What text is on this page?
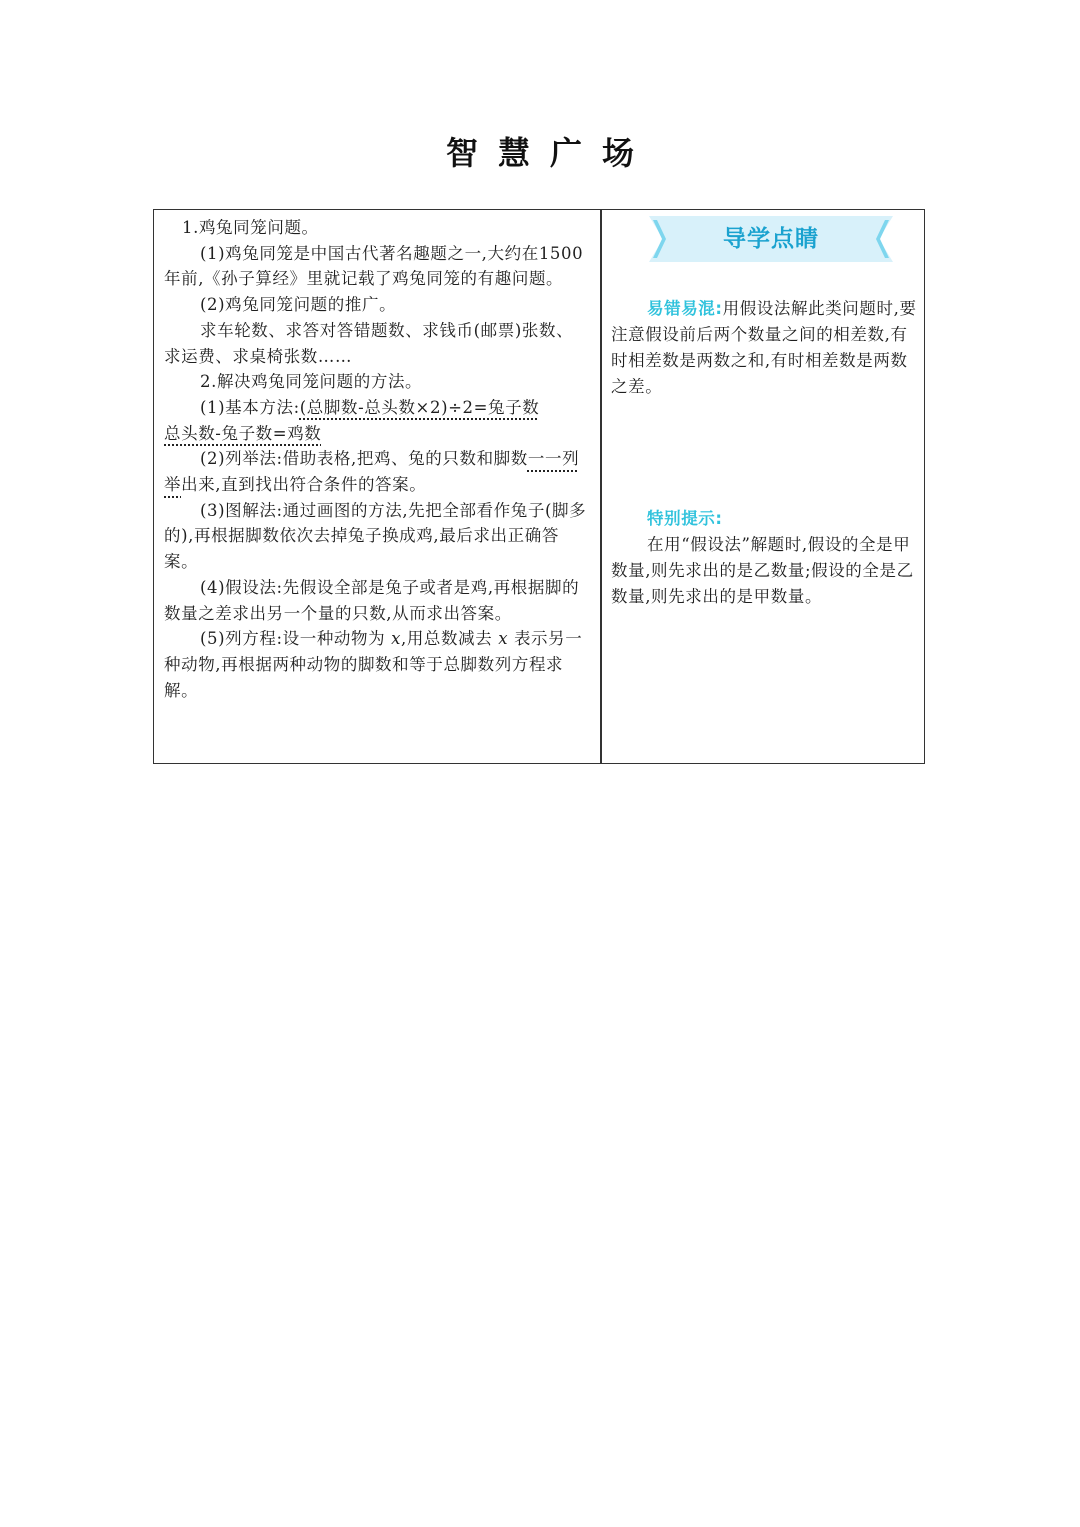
智慧广场

1.鸡兔同笼问题。

(1)鸡兔同笼是中国古代著名趣题之一,大约在1500年前,《孙子算经》里就记载了鸡兔同笼的有趣问题。

(2)鸡兔同笼问题的推广。

求车轮数、求答对答错题数、求钱币(邮票)张数、求运费、求桌椅张数……

2.解决鸡兔同笼问题的方法。

(1)基本方法:(总脚数-总头数×2)÷2=兔子数
总头数-兔子数=鸡数

(2)列举法:借助表格,把鸡、兔的只数和脚数一一列举出来,直到找出符合条件的答案。

(3)图解法:通过画图的方法,先把全部看作兔子(脚多的),再根据脚数依次去掉兔子换成鸡,最后求出正确答案。

(4)假设法:先假设全部是兔子或者是鸡,再根据脚的数量之差求出另一个量的只数,从而求出答案。

(5)列方程:设一种动物为 x,用总数减去 x 表示另一种动物,再根据两种动物的脚数和等于总脚数列方程求解。

导学点睛

易错易混:用假设法解此类问题时,要注意假设前后两个数量之间的相差数,有时相差数是两数之和,有时相差数是两数之差。

特别提示:

在用“假设法”解题时,假设的全是甲数量,则先求出的是乙数量;假设的全是乙数量,则先求出的是甲数量。
